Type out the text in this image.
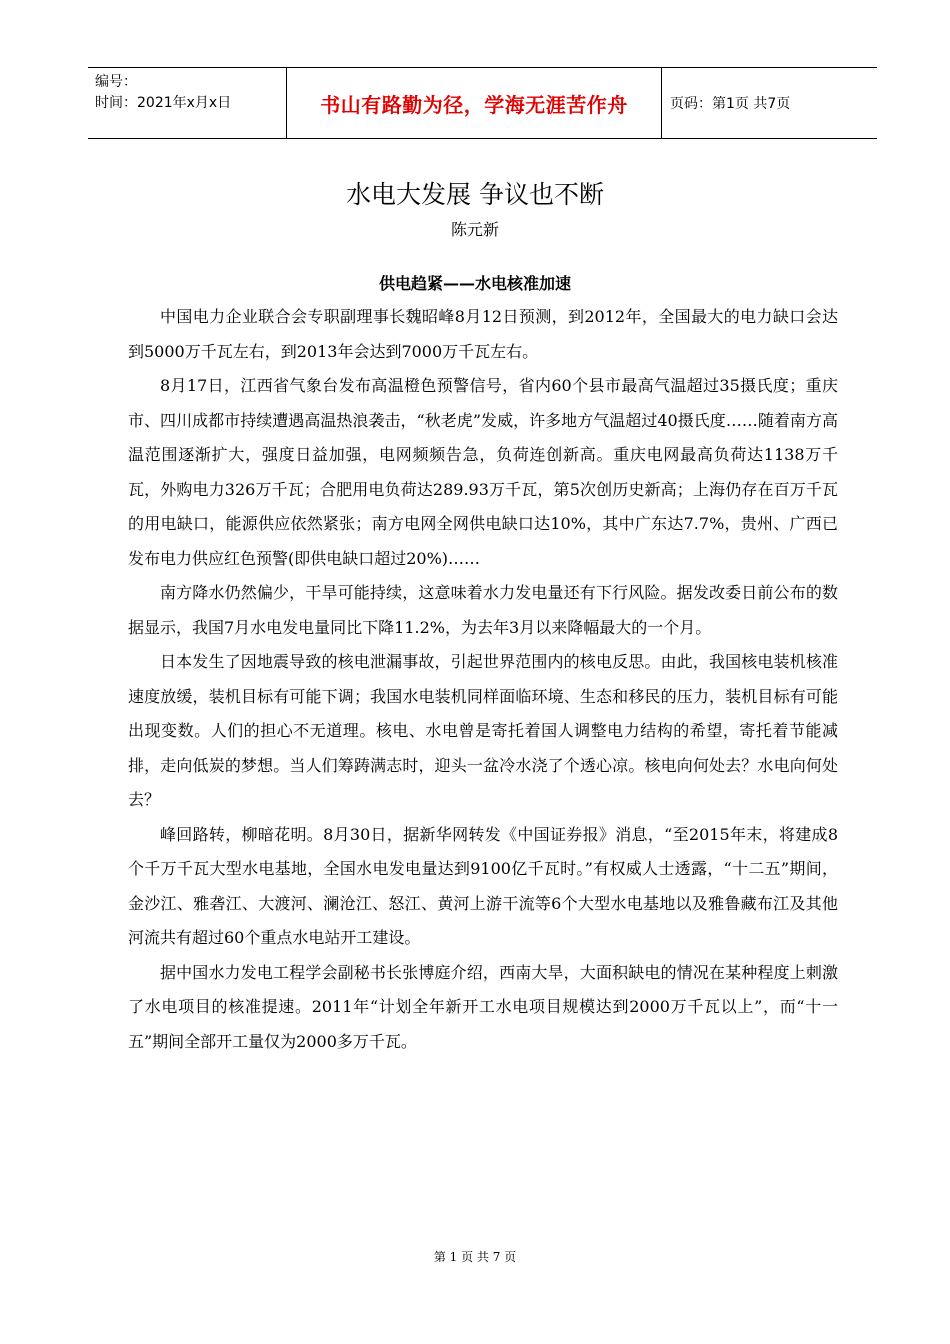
编号：
时间：2021年x月x日	书山有路勤为径，学海无涯苦作舟	页码：第1页 共7页
水电大发展 争议也不断
陈元新
供电趋紧——水电核准加速

中国电力企业联合会专职副理事长魏昭峰8月12日预测，到2012年，全国最大的电力缺口会达到5000万千瓦左右，到2013年会达到7000万千瓦左右。

8月17日，江西省气象台发布高温橙色预警信号，省内60个县市最高气温超过35摄氏度；重庆市、四川成都市持续遭遇高温热浪袭击，“秋老虎”发威，许多地方气温超过40摄氏度……随着南方高温范围逐渐扩大，强度日益加强，电网频频告急，负荷连创新高。重庆电网最高负荷达1138万千瓦，外购电力326万千瓦；合肥用电负荷达289.93万千瓦，第5次创历史新高；上海仍存在百万千瓦的用电缺口，能源供应依然紧张；南方电网全网供电缺口达10%，其中广东达7.7%，贵州、广西已发布电力供应红色预警(即供电缺口超过20%)……

南方降水仍然偏少，干旱可能持续，这意味着水力发电量还有下行风险。据发改委日前公布的数据显示，我国7月水电发电量同比下降11.2%，为去年3月以来降幅最大的一个月。

日本发生了因地震导致的核电泄漏事故，引起世界范围内的核电反思。由此，我国核电装机核准速度放缓，装机目标有可能下调；我国水电装机同样面临环境、生态和移民的压力，装机目标有可能出现变数。人们的担心不无道理。核电、水电曾是寄托着国人调整电力结构的希望，寄托着节能减排，走向低炭的梦想。当人们筹踌满志时，迎头一盆冷水浇了个透心凉。核电向何处去？水电向何处去？

峰回路转，柳暗花明。8月30日，据新华网转发《中国证券报》消息，“至2015年末，将建成8个千万千瓦大型水电基地，全国水电发电量达到9100亿千瓦时。”有权威人士透露，“十二五”期间，金沙江、雅砻江、大渡河、澜沧江、怒江、黄河上游干流等6个大型水电基地以及雅鲁藏布江及其他河流共有超过60个重点水电站开工建设。

据中国水力发电工程学会副秘书长张博庭介绍，西南大旱，大面积缺电的情况在某种程度上刺激了水电项目的核准提速。2011年“计划全年新开工水电项目规模达到2000万千瓦以上”，而“十一五”期间全部开工量仅为2000多万千瓦。

第 1 页 共 7 页
